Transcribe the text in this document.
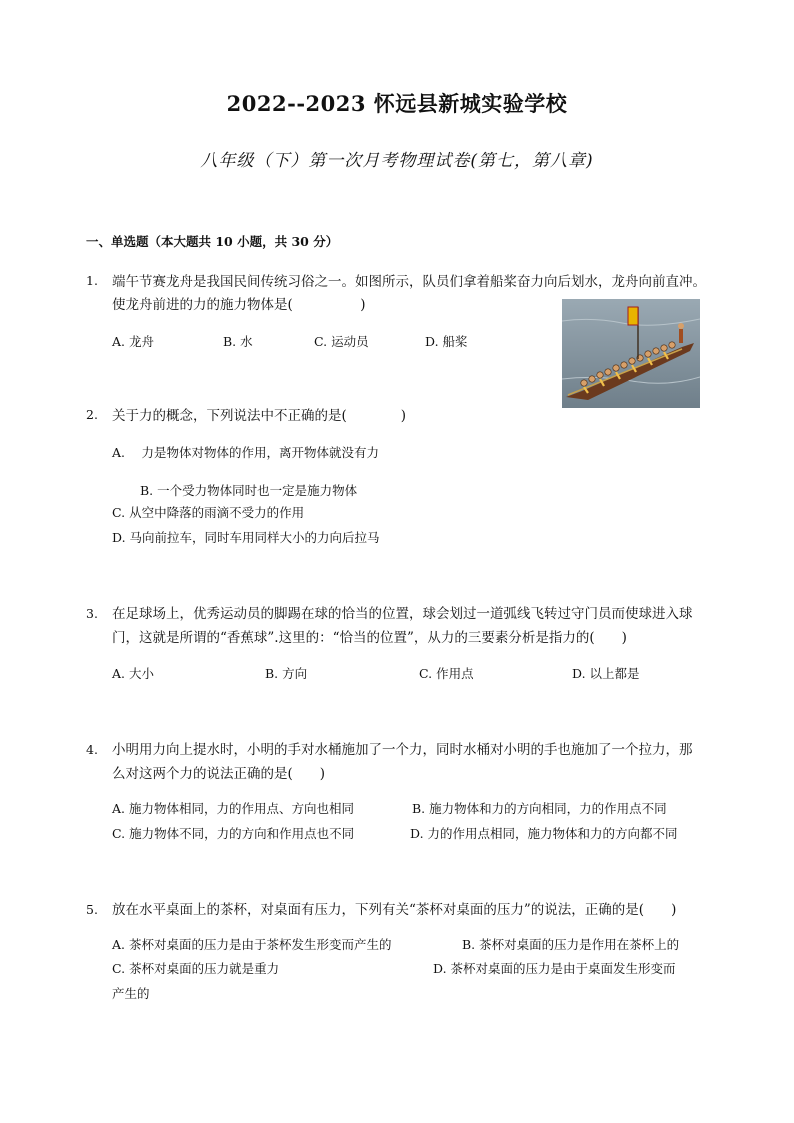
2022--2023 怀远县新城实验学校
八年级（下）第一次月考物理试卷(第七，第八章)
一、单选题（本大题共 10 小题，共 30 分）
1. 端午节赛龙舟是我国民间传统习俗之一。如图所示，队员们拿着船桨奋力向后划水，龙舟向前直冲。
使龙舟前进的力的施力物体是(　　　　　)
A. 龙舟	B. 水	C. 运动员	D. 船桨
2. 关于力的概念，下列说法中不正确的是(　　　　)
A.　 力是物体对物体的作用，离开物体就没有力
B. 一个受力物体同时也一定是施力物体
C. 从空中降落的雨滴不受力的作用
D. 马向前拉车，同时车用同样大小的力向后拉马
3. 在足球场上，优秀运动员的脚踢在球的恰当的位置，球会划过一道弧线飞转过守门员而使球进入球
门，这就是所谓的“香蕉球”.这里的：“恰当的位置”，从力的三要素分析是指力的(　　)
A. 大小	B. 方向	C. 作用点	D. 以上都是
4. 小明用力向上提水时，小明的手对水桶施加了一个力，同时水桶对小明的手也施加了一个拉力，那
么对这两个力的说法正确的是(　　)
A. 施力物体相同，力的作用点、方向也相同	B. 施力物体和力的方向相同，力的作用点不同
C. 施力物体不同，力的方向和作用点也不同	D. 力的作用点相同，施力物体和力的方向都不同
5. 放在水平桌面上的茶杯，对桌面有压力，下列有关“茶杯对桌面的压力”的说法，正确的是(　　)
A. 茶杯对桌面的压力是由于茶杯发生形变而产生的	B. 茶杯对桌面的压力是作用在茶杯上的
C. 茶杯对桌面的压力就是重力	D. 茶杯对桌面的压力是由于桌面发生形变而
产生的
